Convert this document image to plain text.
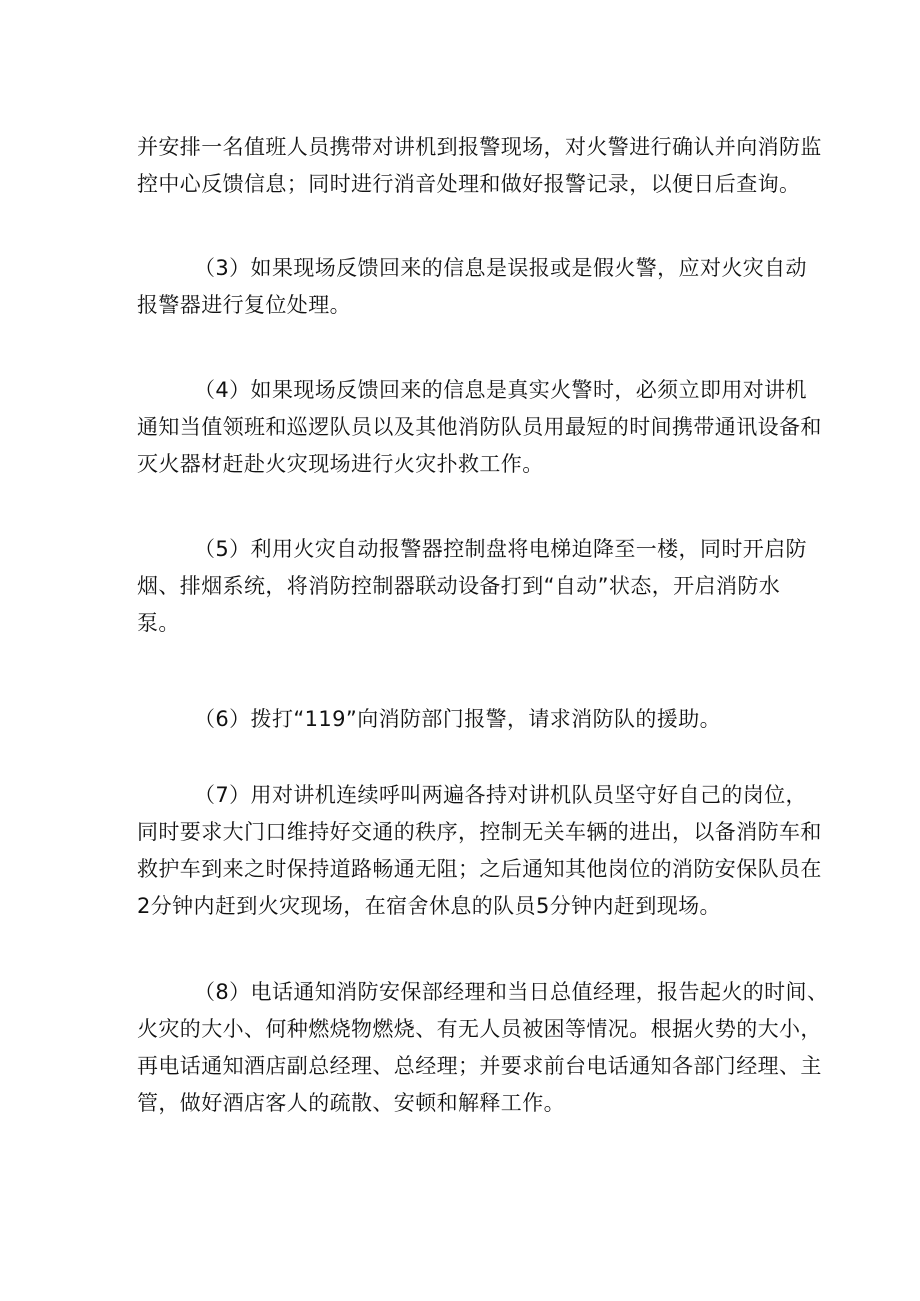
并安排一名值班人员携带对讲机到报警现场，对火警进行确认并向消防监
控中心反馈信息；同时进行消音处理和做好报警记录，以便日后查询。
（3）如果现场反馈回来的信息是误报或是假火警，应对火灾自动
报警器进行复位处理。
（4）如果现场反馈回来的信息是真实火警时，必须立即用对讲机
通知当值领班和巡逻队员以及其他消防队员用最短的时间携带通讯设备和
灭火器材赶赴火灾现场进行火灾扑救工作。
（5）利用火灾自动报警器控制盘将电梯迫降至一楼，同时开启防
烟、排烟系统，将消防控制器联动设备打到“自动”状态，开启消防水
泵。
（6）拨打“119”向消防部门报警，请求消防队的援助。
（7）用对讲机连续呼叫两遍各持对讲机队员坚守好自己的岗位，
同时要求大门口维持好交通的秩序，控制无关车辆的进出，以备消防车和
救护车到来之时保持道路畅通无阻；之后通知其他岗位的消防安保队员在
2分钟内赶到火灾现场，在宿舍休息的队员5分钟内赶到现场。
（8）电话通知消防安保部经理和当日总值经理，报告起火的时间、
火灾的大小、何种燃烧物燃烧、有无人员被困等情况。根据火势的大小，
再电话通知酒店副总经理、总经理；并要求前台电话通知各部门经理、主
管，做好酒店客人的疏散、安顿和解释工作。
